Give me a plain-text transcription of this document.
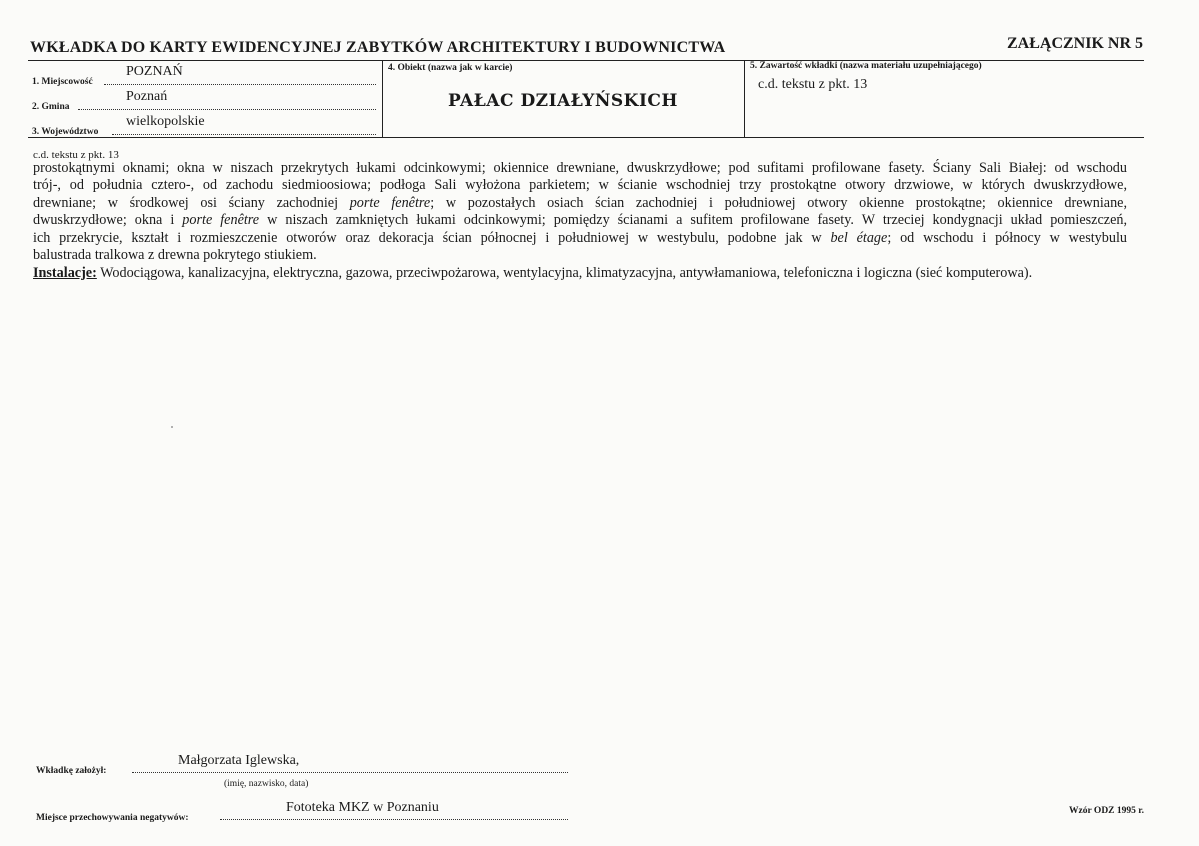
WKŁADKA DO KARTY EWIDENCYJNEJ ZABYTKÓW ARCHITEKTURY I BUDOWNICTWA	ZAŁĄCZNIK NR 5
1. Miejscowość
POZNAŃ
2. Gmina
Poznań
3. Województwo
wielkopolskie
4. Obiekt (nazwa jak w karcie)
PAŁAC DZIAŁYŃSKICH
5. Zawartość wkładki (nazwa materiału uzupełniającego)
c.d. tekstu z pkt. 13
c.d. tekstu z pkt. 13
prostokątnymi oknami; okna w niszach przekrytych łukami odcinkowymi; okiennice drewniane, dwuskrzydłowe; pod sufitami profilowane fasety. Ściany Sali Białej: od wschodu
trój-, od południa cztero-, od zachodu siedmioosiowa; podłoga Sali wyłożona parkietem; w ścianie wschodniej trzy prostokątne otwory drzwiowe, w których dwuskrzydłowe,
drewniane; w środkowej osi ściany zachodniej porte fenêtre; w pozostałych osiach ścian zachodniej i południowej otwory okienne prostokątne; okiennice drewniane,
dwuskrzydłowe; okna i porte fenêtre w niszach zamkniętych łukami odcinkowymi; pomiędzy ścianami a sufitem profilowane fasety. W trzeciej kondygnacji układ pomieszczeń,
ich przekrycie, kształt i rozmieszczenie otworów oraz dekoracja ścian północnej i południowej w westybulu, podobne jak w bel étage; od wschodu i północy w westybulu
balustrada tralkowa z drewna pokrytego stiukiem.
Instalacje: Wodociągowa, kanalizacyjna, elektryczna, gazowa, przeciwpożarowa, wentylacyjna, klimatyzacyjna, antywłamaniowa, telefoniczna i logiczna (sieć komputerowa).
Wkładkę założył:
Małgorzata Iglewska,
(imię, nazwisko, data)
Miejsce przechowywania negatywów:
Fototeka MKZ w Poznaniu	Wzór ODZ 1995 r.
